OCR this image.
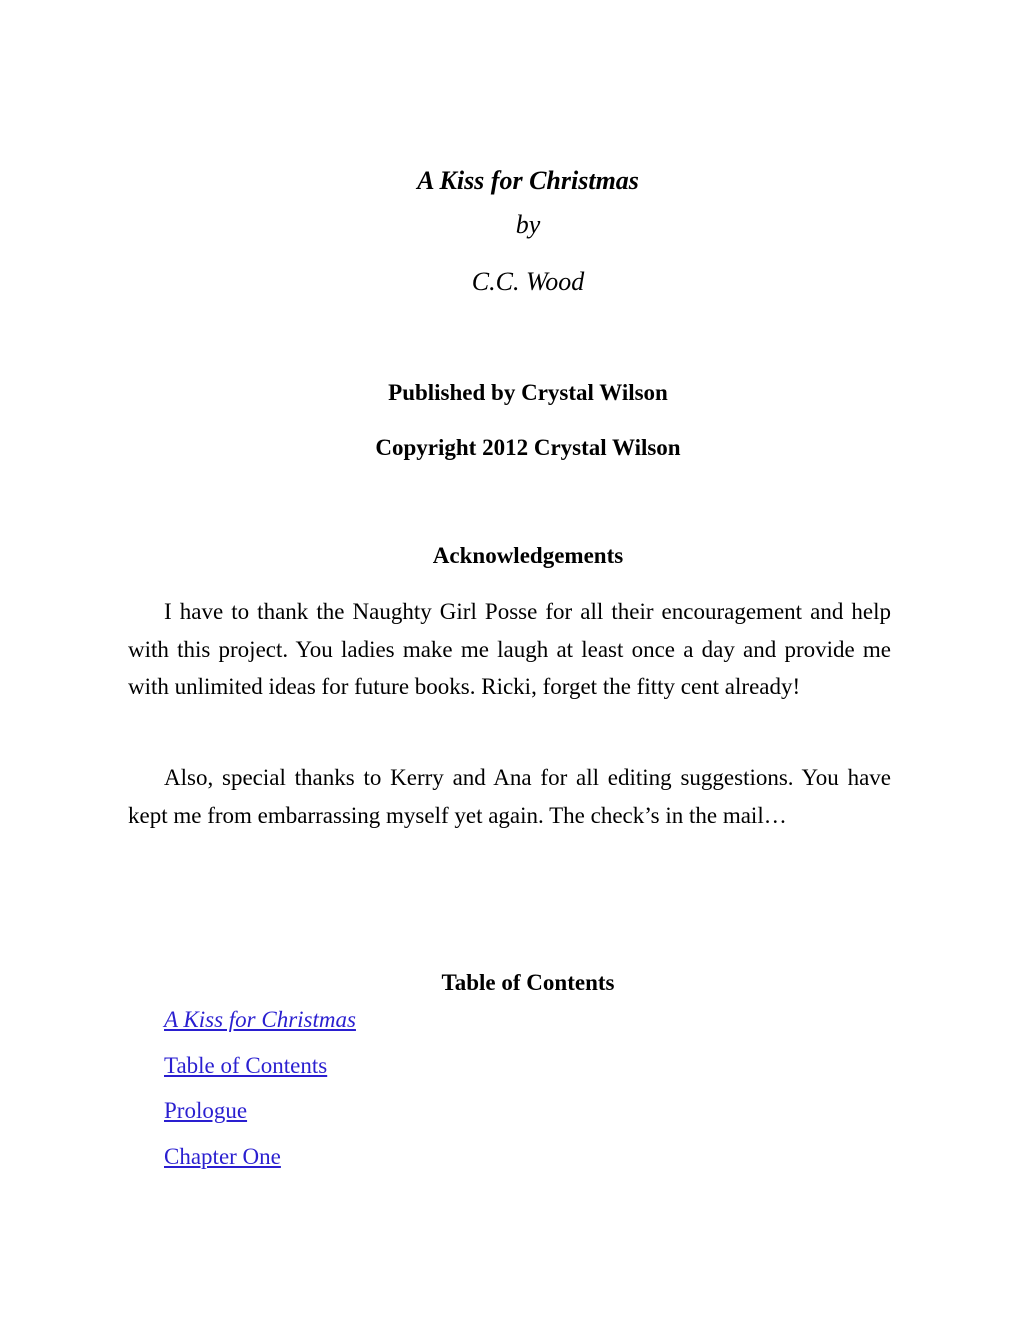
A Kiss for Christmas
by
C.C. Wood
Published by Crystal Wilson
Copyright 2012 Crystal Wilson
Acknowledgements

I have to thank the Naughty Girl Posse for all their encouragement and help with this project. You ladies make me laugh at least once a day and provide me with unlimited ideas for future books. Ricki, forget the fitty cent already!

Also, special thanks to Kerry and Ana for all editing suggestions. You have kept me from embarrassing myself yet again. The check’s in the mail…

Table of Contents
A Kiss for Christmas
Table of Contents
Prologue
Chapter One
